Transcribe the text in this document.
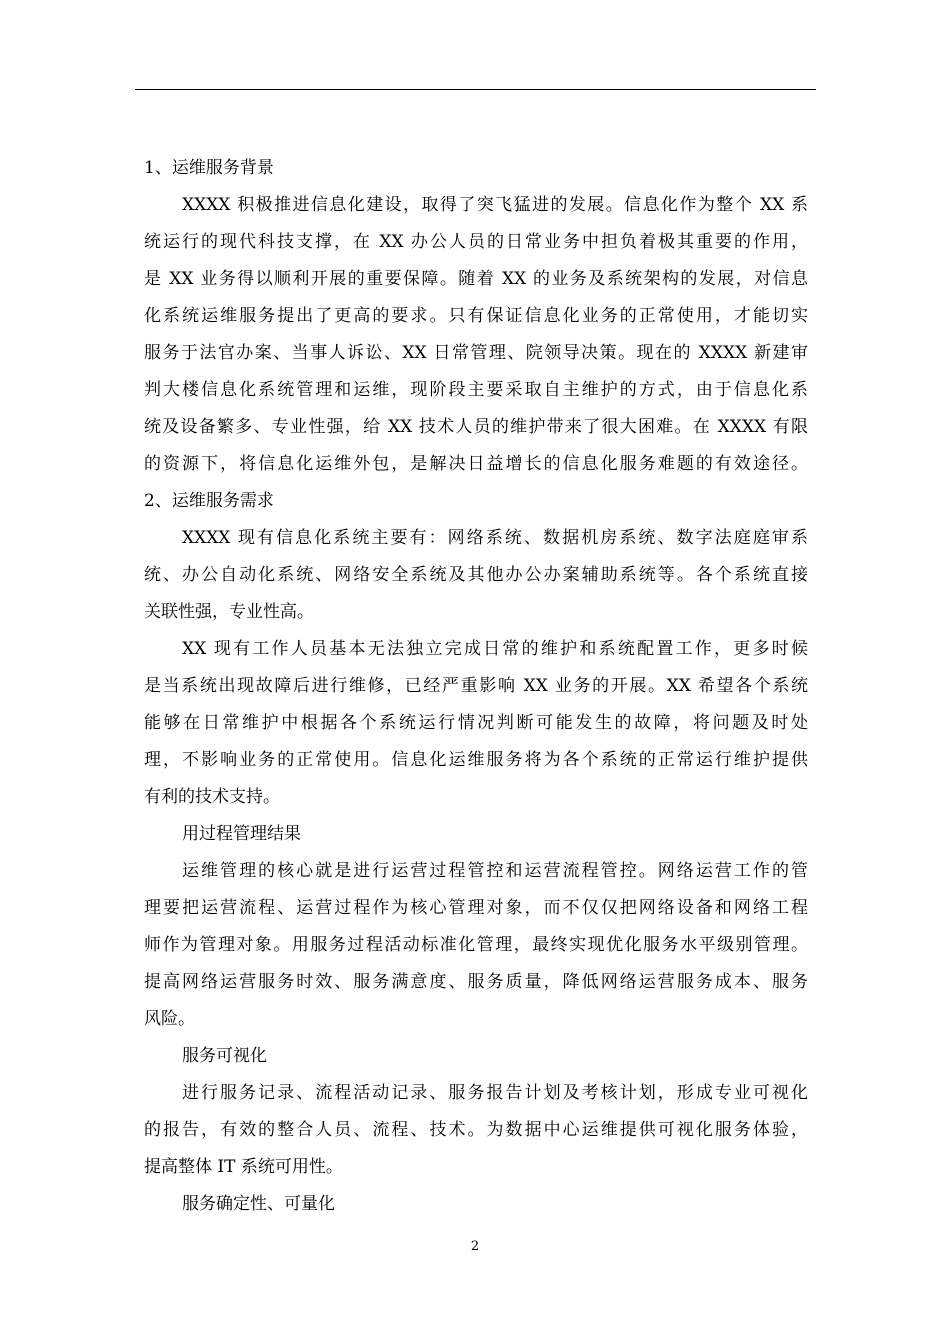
1、运维服务背景
XXXX 积极推进信息化建设，取得了突飞猛进的发展。信息化作为整个 XX 系
统运行的现代科技支撑，在 XX 办公人员的日常业务中担负着极其重要的作用，
是 XX 业务得以顺利开展的重要保障。随着 XX 的业务及系统架构的发展，对信息
化系统运维服务提出了更高的要求。只有保证信息化业务的正常使用，才能切实
服务于法官办案、当事人诉讼、XX 日常管理、院领导决策。现在的 XXXX 新建审
判大楼信息化系统管理和运维，现阶段主要采取自主维护的方式，由于信息化系
统及设备繁多、专业性强，给 XX 技术人员的维护带来了很大困难。在 XXXX 有限
的资源下，将信息化运维外包，是解决日益增长的信息化服务难题的有效途径。
2、运维服务需求
XXXX 现有信息化系统主要有：网络系统、数据机房系统、数字法庭庭审系
统、办公自动化系统、网络安全系统及其他办公办案辅助系统等。各个系统直接
关联性强，专业性高。
XX 现有工作人员基本无法独立完成日常的维护和系统配置工作，更多时候
是当系统出现故障后进行维修，已经严重影响 XX 业务的开展。XX 希望各个系统
能够在日常维护中根据各个系统运行情况判断可能发生的故障，将问题及时处
理，不影响业务的正常使用。信息化运维服务将为各个系统的正常运行维护提供
有利的技术支持。
用过程管理结果
运维管理的核心就是进行运营过程管控和运营流程管控。网络运营工作的管
理要把运营流程、运营过程作为核心管理对象，而不仅仅把网络设备和网络工程
师作为管理对象。用服务过程活动标准化管理，最终实现优化服务水平级别管理。
提高网络运营服务时效、服务满意度、服务质量，降低网络运营服务成本、服务
风险。
服务可视化
进行服务记录、流程活动记录、服务报告计划及考核计划，形成专业可视化
的报告，有效的整合人员、流程、技术。为数据中心运维提供可视化服务体验，
提高整体 IT 系统可用性。
服务确定性、可量化
2
